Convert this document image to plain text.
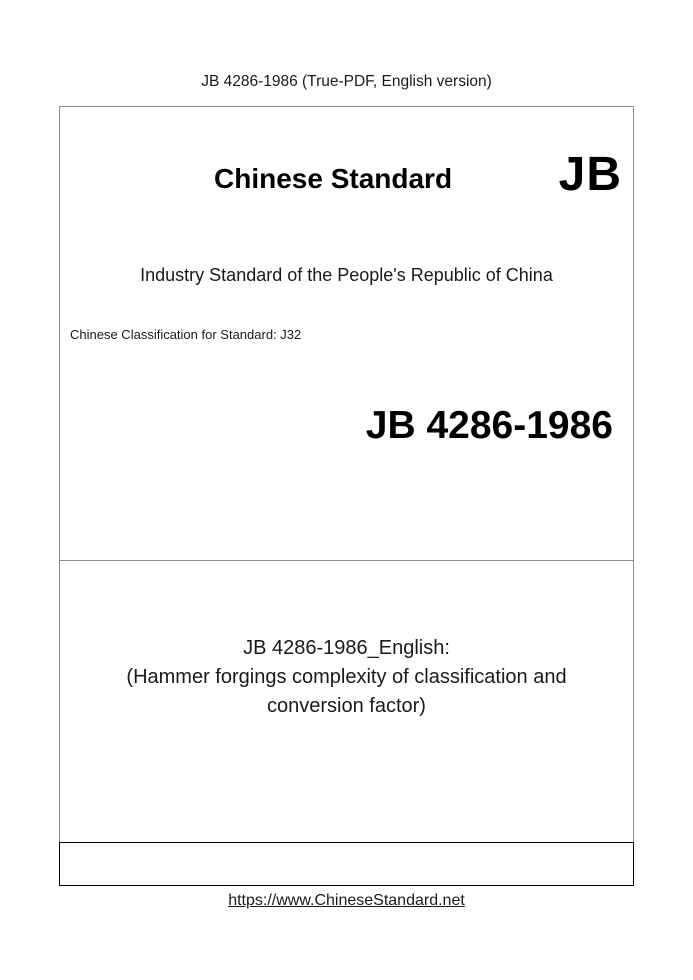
JB 4286-1986 (True-PDF, English version)
Chinese Standard JB
Industry Standard of the People's Republic of China
Chinese Classification for Standard: J32
JB 4286-1986
JB 4286-1986_English:
(Hammer forgings complexity of classification and
conversion factor)
https://www.ChineseStandard.net
